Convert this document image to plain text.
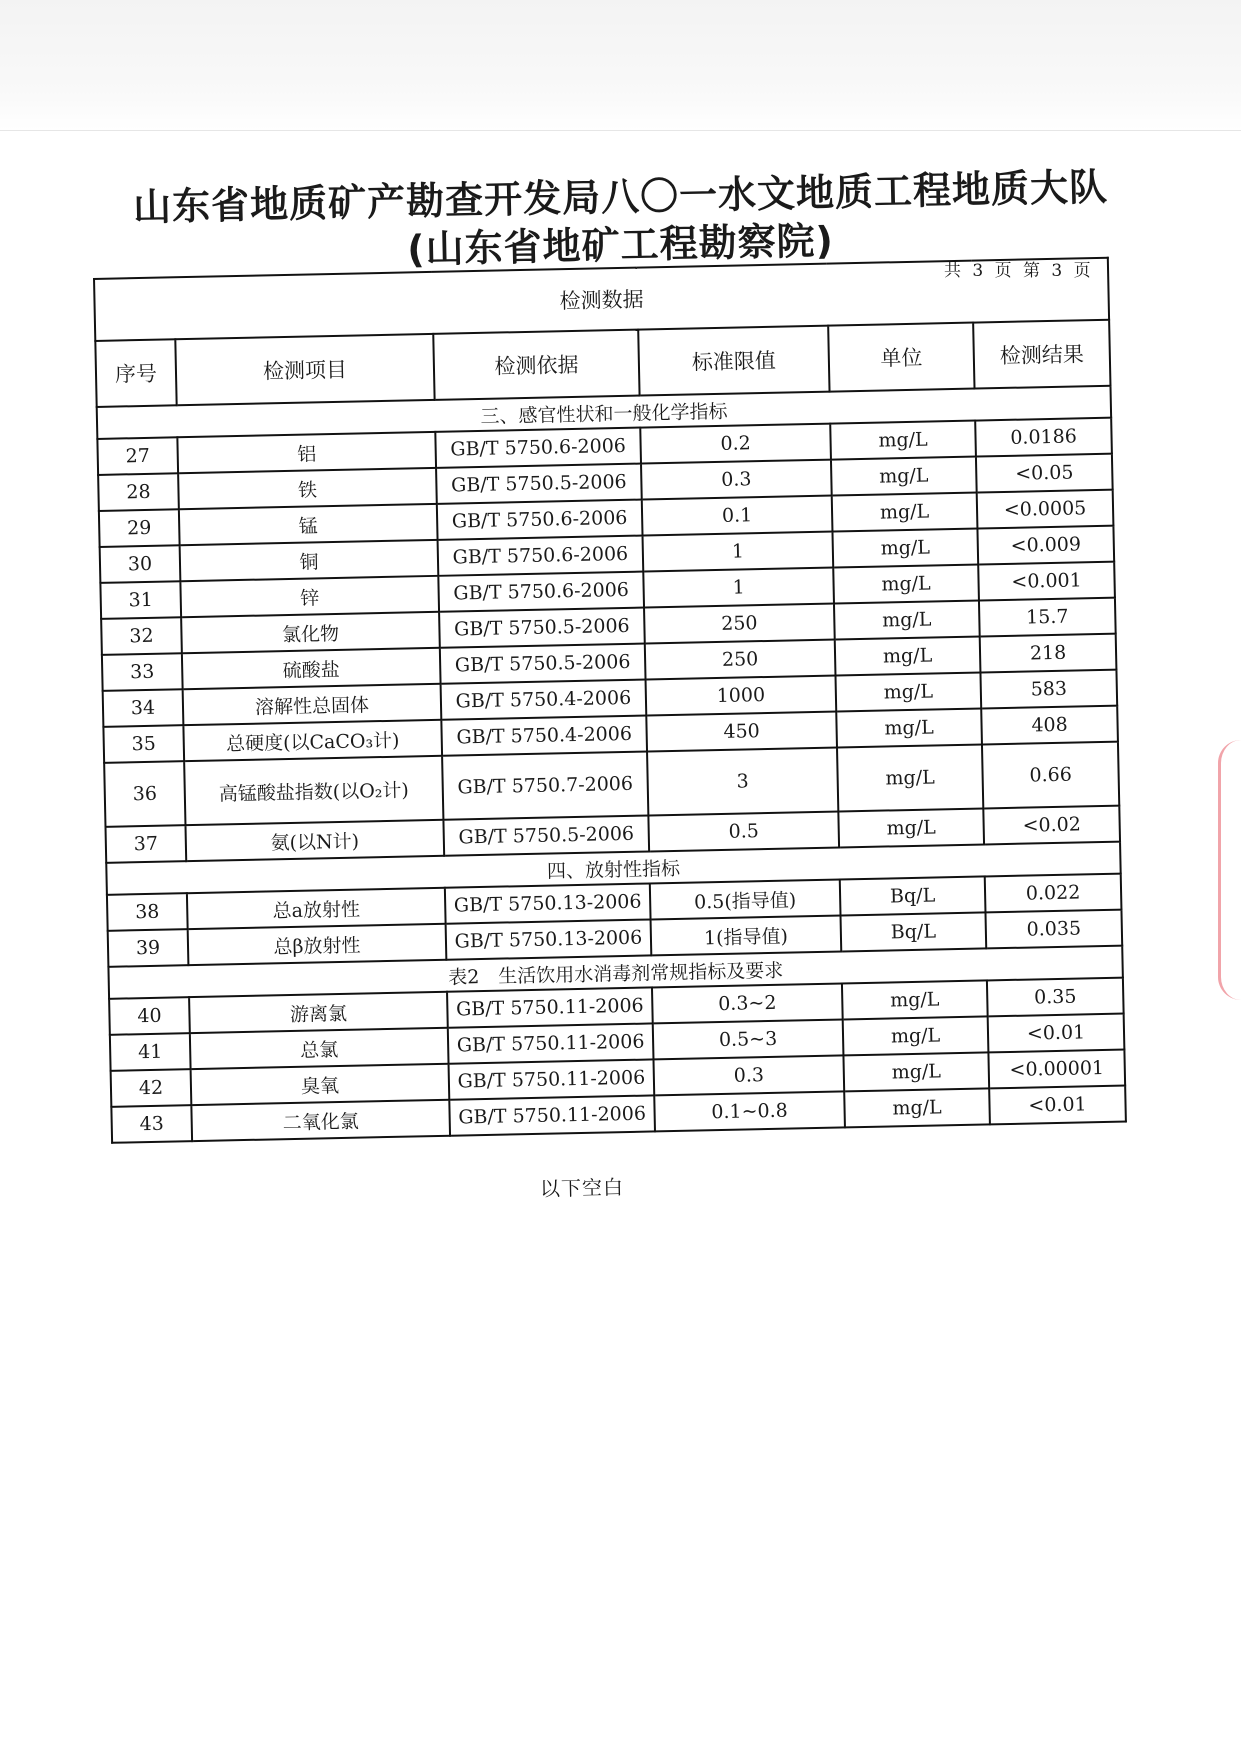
山东省地质矿产勘查开发局八〇一水文地质工程地质大队
(山东省地矿工程勘察院)	共 3 页 第 3 页
检测数据					
序号	检测项目	检测依据	标准限值	单位	检测结果
三、感官性状和一般化学指标					
27	铝	GB/T 5750.6-2006	0.2	mg/L	0.0186
28	铁	GB/T 5750.5-2006	0.3	mg/L	<0.05
29	锰	GB/T 5750.6-2006	0.1	mg/L	<0.0005
30	铜	GB/T 5750.6-2006	1	mg/L	<0.009
31	锌	GB/T 5750.6-2006	1	mg/L	<0.001
32	氯化物	GB/T 5750.5-2006	250	mg/L	15.7
33	硫酸盐	GB/T 5750.5-2006	250	mg/L	218
34	溶解性总固体	GB/T 5750.4-2006	1000	mg/L	583
35	总硬度(以CaCO₃计)	GB/T 5750.4-2006	450	mg/L	408
36	高锰酸盐指数(以O₂计)	GB/T 5750.7-2006	3	mg/L	0.66
37	氨(以N计)	GB/T 5750.5-2006	0.5	mg/L	<0.02
四、放射性指标					
38	总a放射性	GB/T 5750.13-2006	0.5(指导值)	Bq/L	0.022
39	总β放射性	GB/T 5750.13-2006	1(指导值)	Bq/L	0.035
表2　生活饮用水消毒剂常规指标及要求					
40	游离氯	GB/T 5750.11-2006	0.3~2	mg/L	0.35
41	总氯	GB/T 5750.11-2006	0.5~3	mg/L	<0.01
42	臭氧	GB/T 5750.11-2006	0.3	mg/L	<0.00001
43	二氧化氯	GB/T 5750.11-2006	0.1~0.8	mg/L	<0.01
以下空白
